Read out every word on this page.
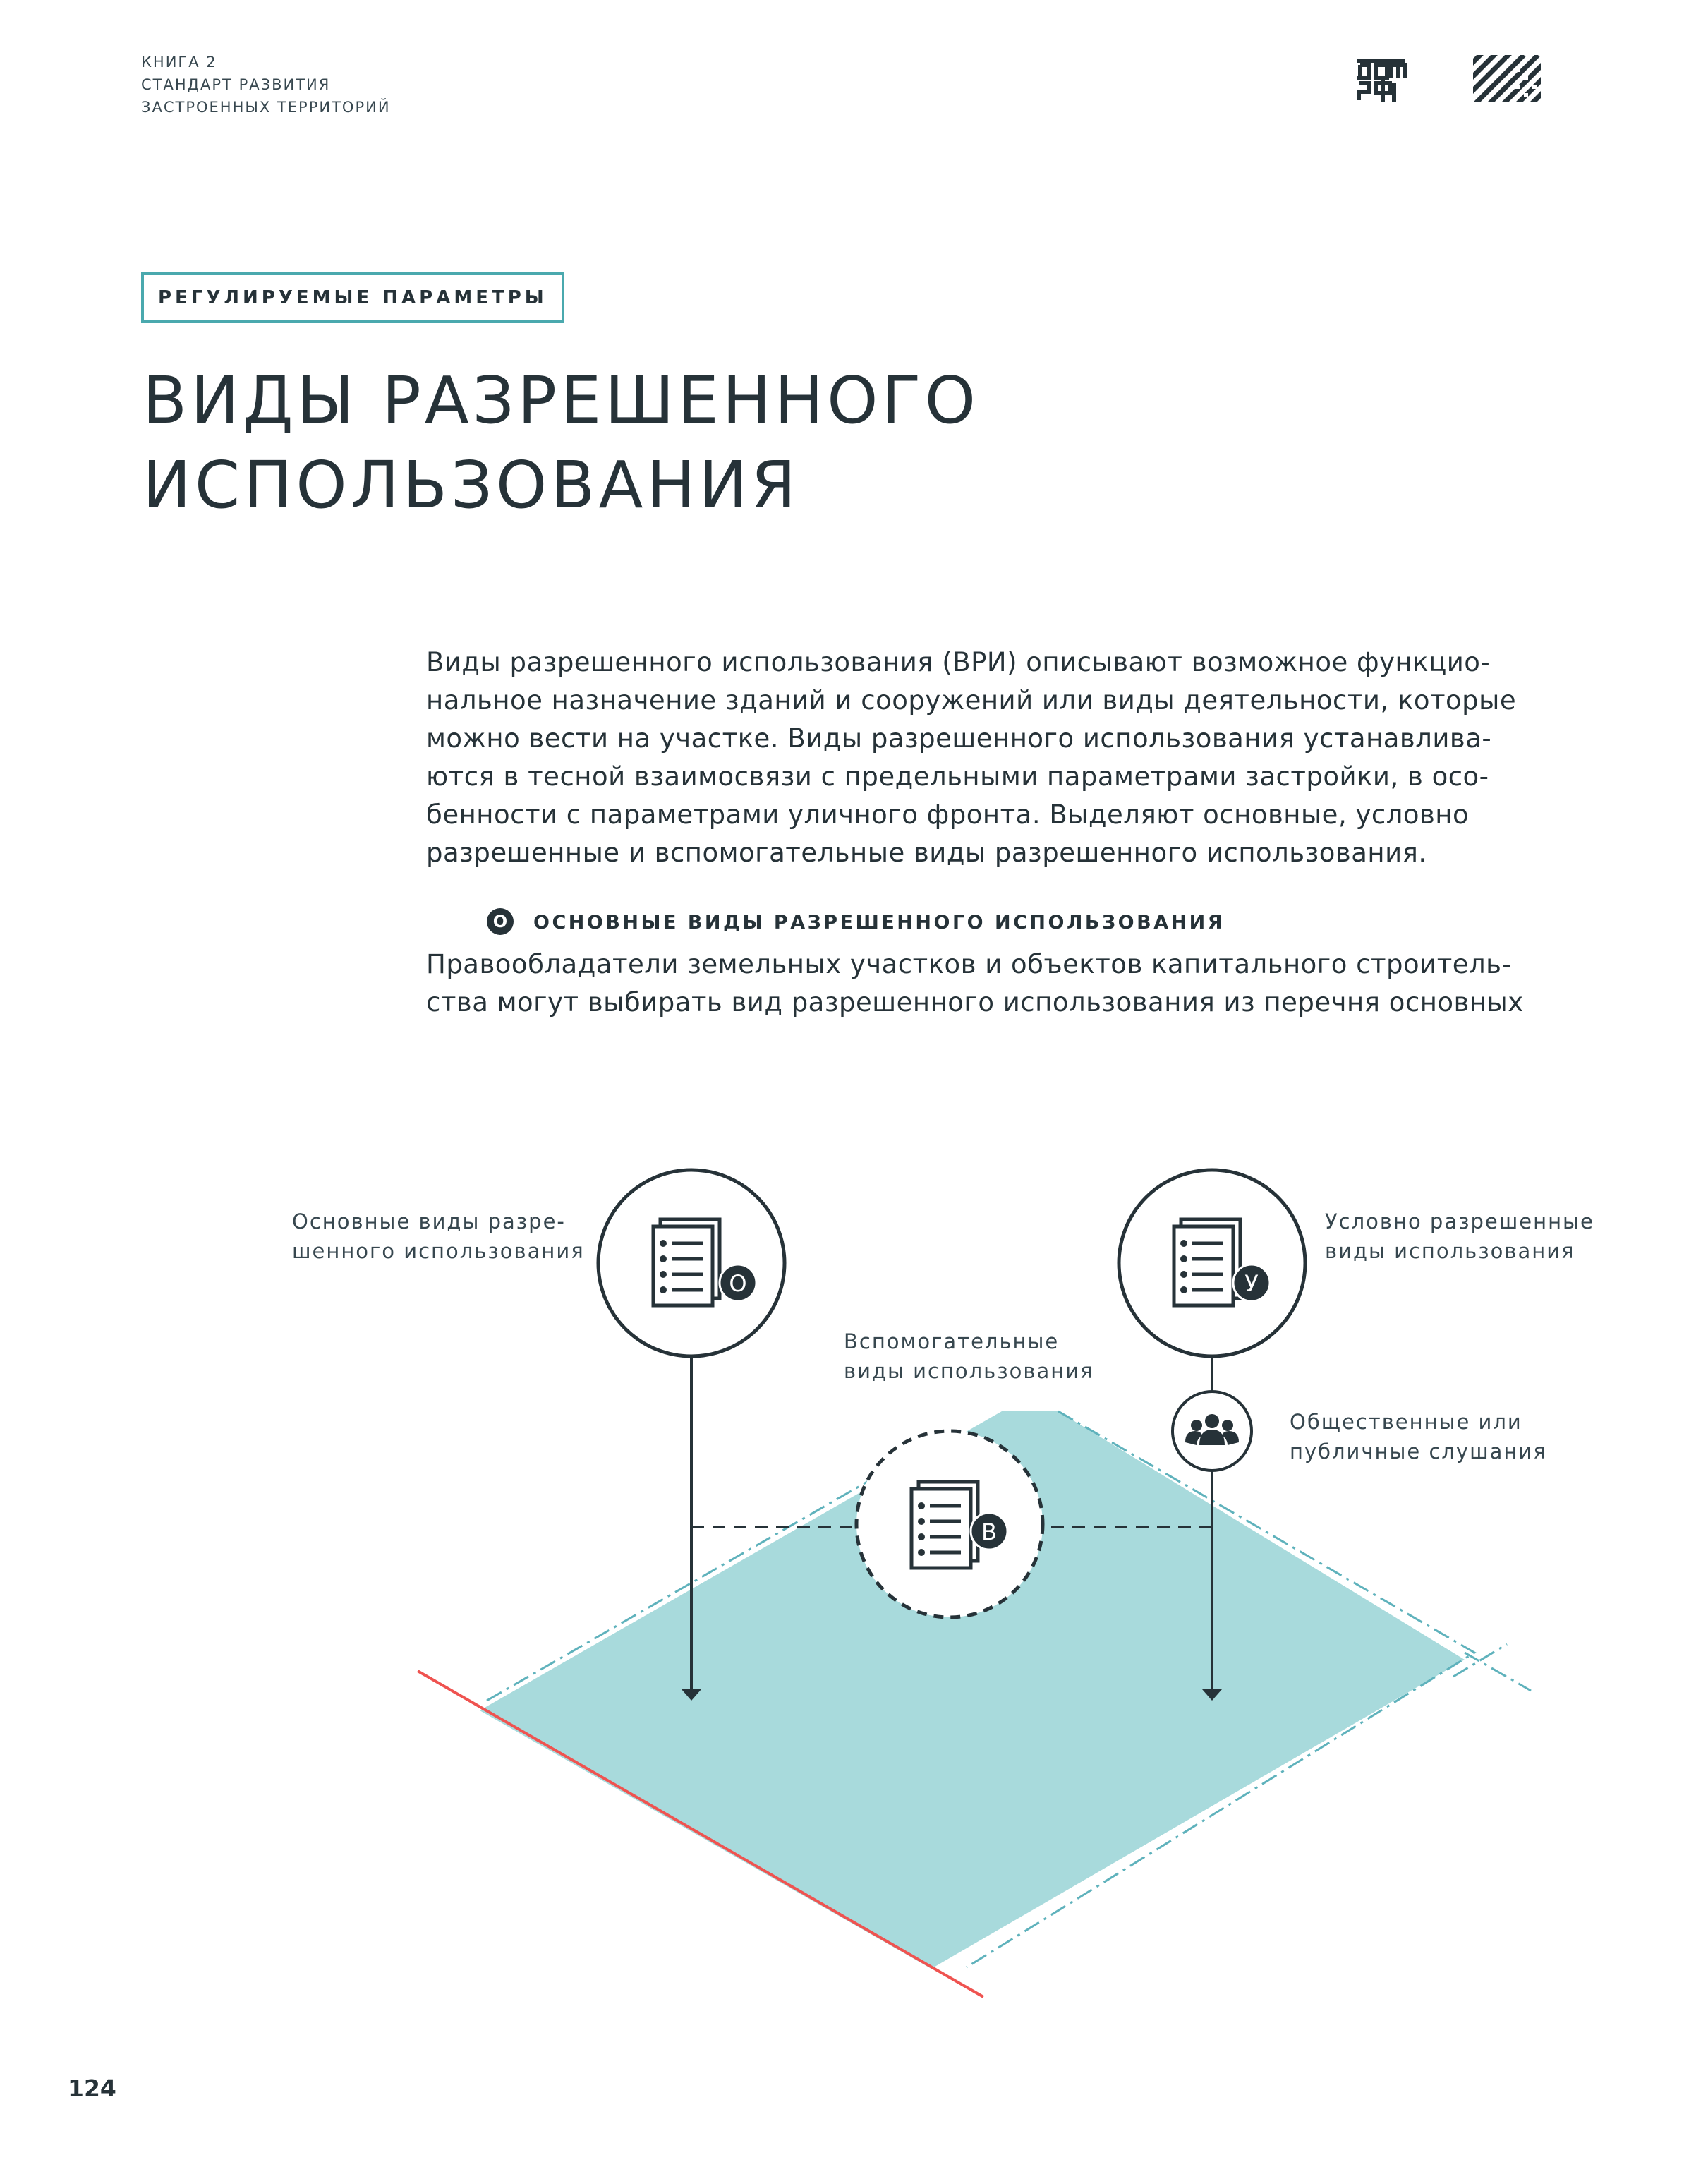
КНИГА 2
СТАНДАРТ РАЗВИТИЯ
ЗАСТРОЕННЫХ ТЕРРИТОРИЙ
РЕГУЛИРУЕМЫЕ ПАРАМЕТРЫ
ВИДЫ РАЗРЕШЕННОГО
ИСПОЛЬЗОВАНИЯ
Виды разрешенного использования (ВРИ) описывают возможное функцио-
нальное назначение зданий и сооружений или виды деятельности, которые
можно вести на участке. Виды разрешенного использования устанавлива-
ются в тесной взаимосвязи с предельными параметрами застройки, в осо-
бенности с параметрами уличного фронта. Выделяют основные, условно
разрешенные и вспомогательные виды разрешенного использования.
О	ОСНОВНЫЕ ВИДЫ РАЗРЕШЕННОГО ИСПОЛЬЗОВАНИЯ
Правообладатели земельных участков и объектов капитального строитель-
ства могут выбирать вид разрешенного использования из перечня основных
О	У
В
Основные виды разре-
шенного использования
Условно разрешенные
виды использования
Вспомогательные
виды использования
Общественные или
публичные слушания
124
